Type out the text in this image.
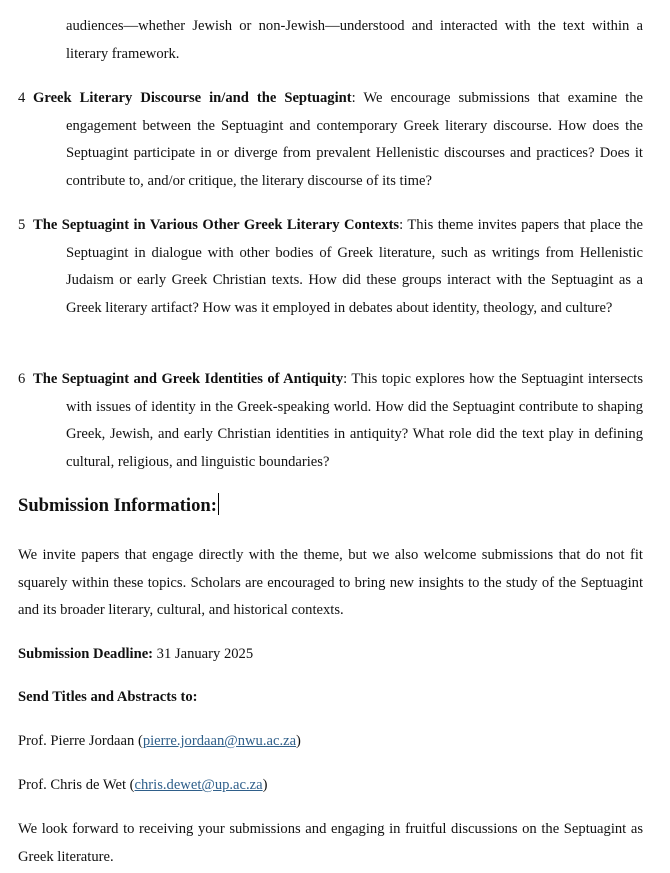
audiences—whether Jewish or non-Jewish—understood and interacted with the text within a literary framework.

4 Greek Literary Discourse in/and the Septuagint: We encourage submissions that examine the engagement between the Septuagint and contemporary Greek literary discourse. How does the Septuagint participate in or diverge from prevalent Hellenistic discourses and practices? Does it contribute to, and/or critique, the literary discourse of its time?

5 The Septuagint in Various Other Greek Literary Contexts: This theme invites papers that place the Septuagint in dialogue with other bodies of Greek literature, such as writings from Hellenistic Judaism or early Greek Christian texts. How did these groups interact with the Septuagint as a Greek literary artifact? How was it employed in debates about identity, theology, and culture?

6 The Septuagint and Greek Identities of Antiquity: This topic explores how the Septuagint intersects with issues of identity in the Greek-speaking world. How did the Septuagint contribute to shaping Greek, Jewish, and early Christian identities in antiquity? What role did the text play in defining cultural, religious, and linguistic boundaries?

Submission Information:

We invite papers that engage directly with the theme, but we also welcome submissions that do not fit squarely within these topics. Scholars are encouraged to bring new insights to the study of the Septuagint and its broader literary, cultural, and historical contexts.

Submission Deadline: 31 January 2025

Send Titles and Abstracts to:

Prof. Pierre Jordaan (pierre.jordaan@nwu.ac.za)

Prof. Chris de Wet (chris.dewet@up.ac.za)

We look forward to receiving your submissions and engaging in fruitful discussions on the Septuagint as Greek literature.
